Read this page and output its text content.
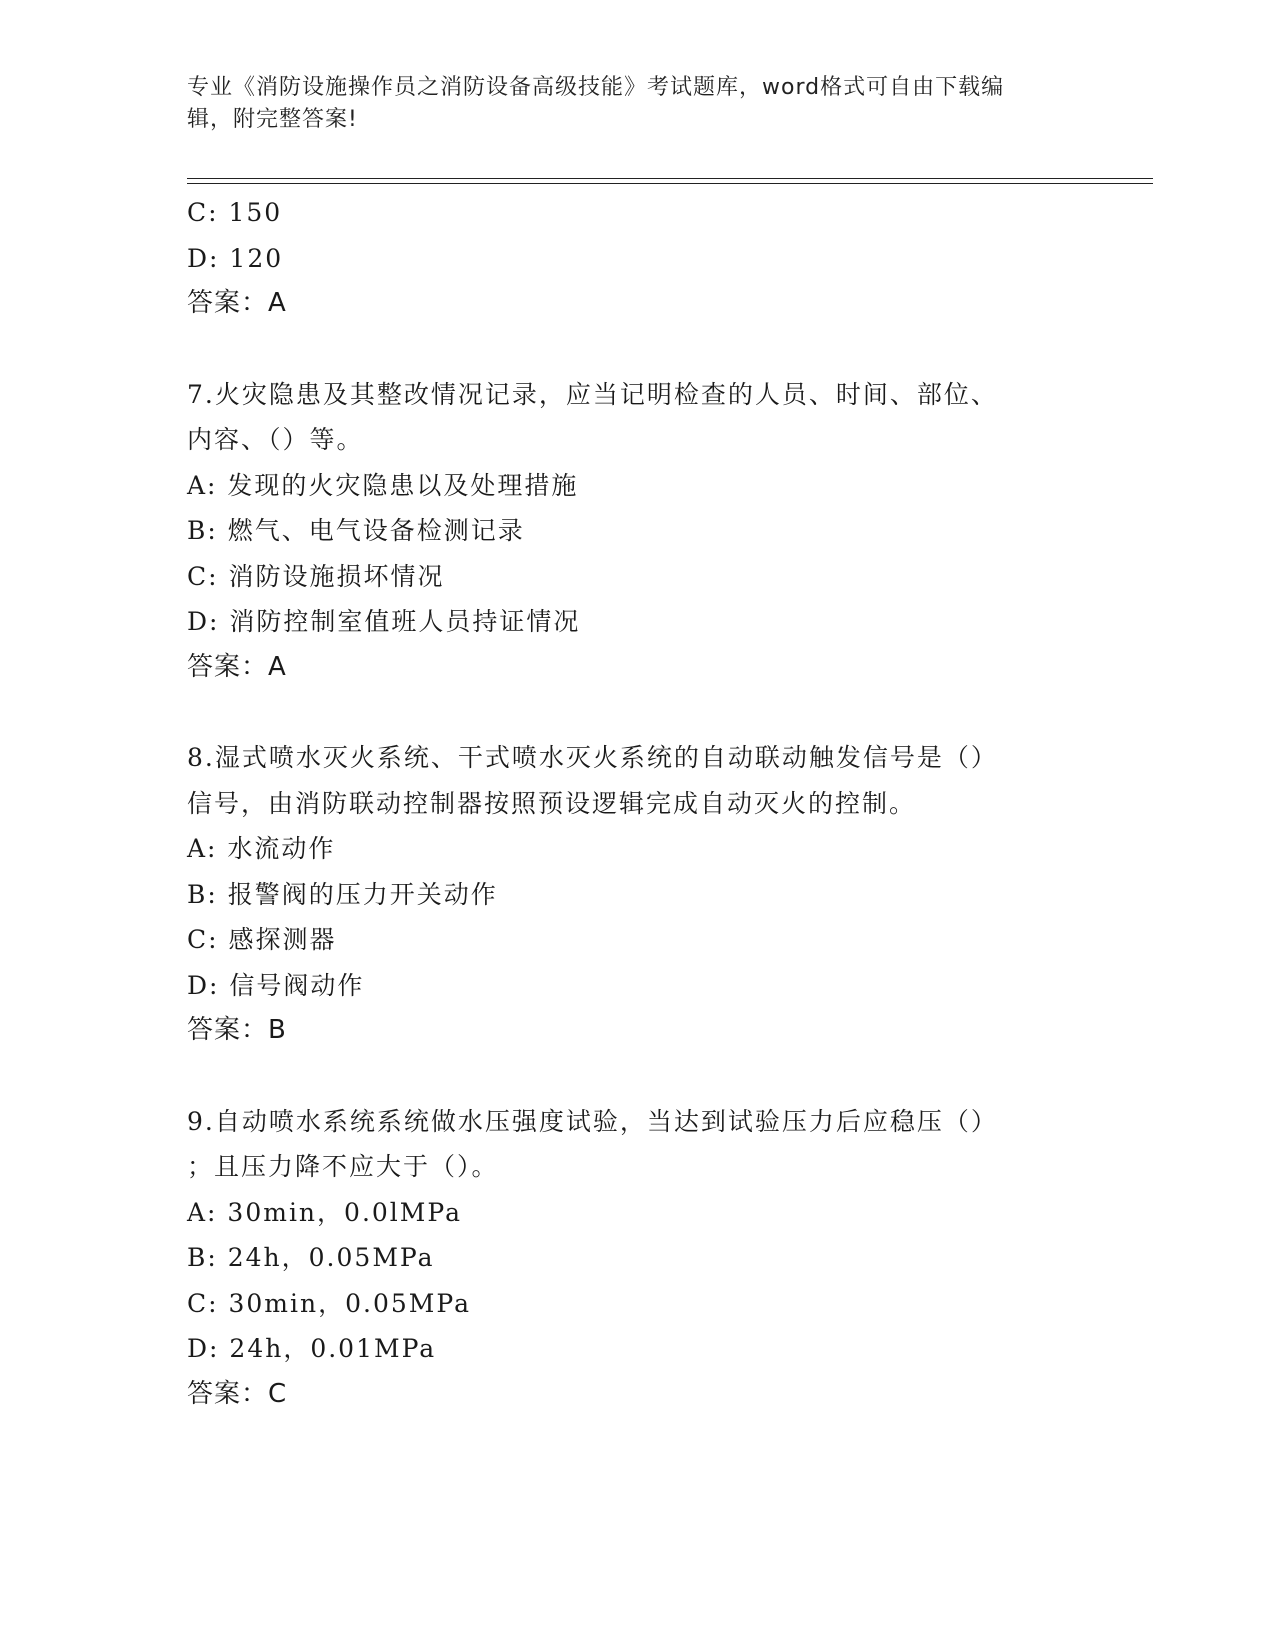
专业《消防设施操作员之消防设备高级技能》考试题库，word格式可自由下载编
辑，附完整答案!
C: 150
D: 120
答案：A
7.火灾隐患及其整改情况记录，应当记明检查的人员、时间、部位、
内容、（）等。
A: 发现的火灾隐患以及处理措施
B: 燃气、电气设备检测记录
C: 消防设施损坏情况
D: 消防控制室值班人员持证情况
答案：A
8.湿式喷水灭火系统、干式喷水灭火系统的自动联动触发信号是（）
信号，由消防联动控制器按照预设逻辑完成自动灭火的控制。
A: 水流动作
B: 报警阀的压力开关动作
C: 感探测器
D: 信号阀动作
答案：B
9.自动喷水系统系统做水压强度试验，当达到试验压力后应稳压（）
；且压力降不应大于（）。
A: 30min，0.0lMPa
B: 24h，0.05MPa
C: 30min，0.05MPa
D: 24h，0.01MPa
答案：C
